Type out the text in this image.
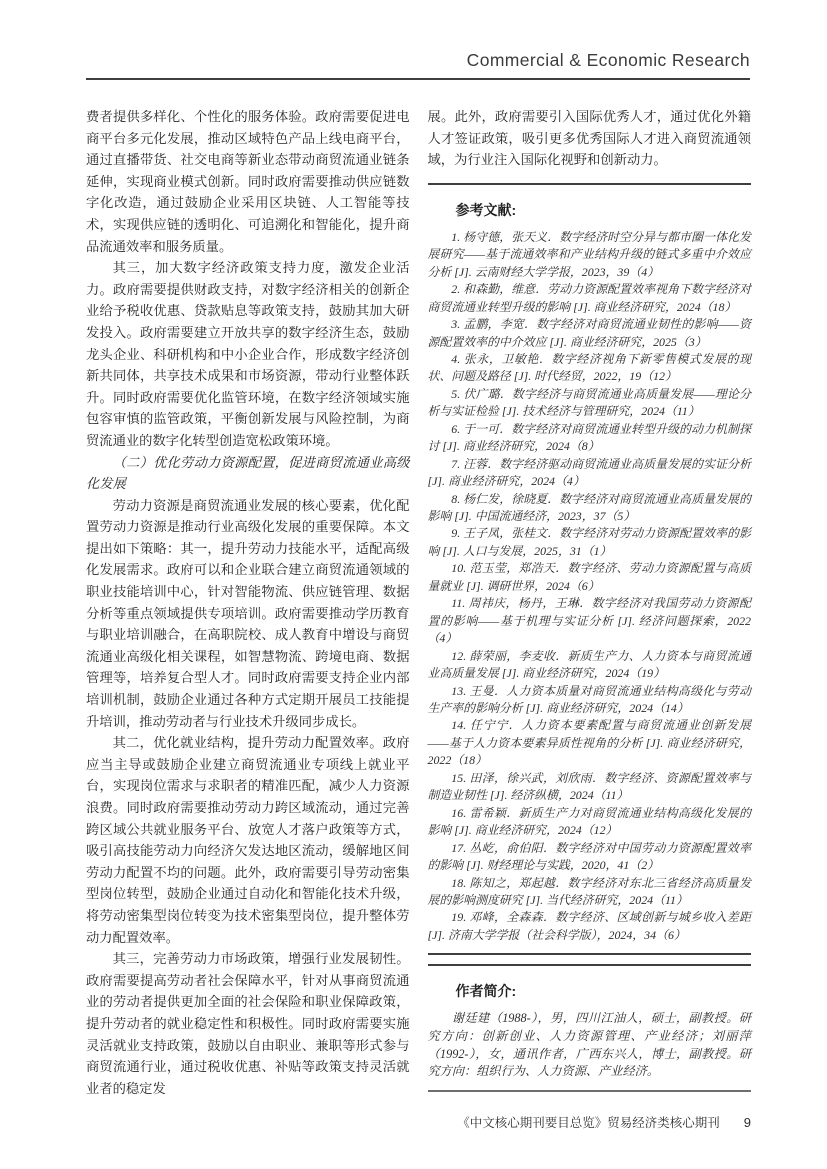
Commercial & Economic Research

费者提供多样化、个性化的服务体验。政府需要促进电商平台多元化发展，推动区域特色产品上线电商平台，通过直播带货、社交电商等新业态带动商贸流通业链条延伸，实现商业模式创新。同时政府需要推动供应链数字化改造，通过鼓励企业采用区块链、人工智能等技术，实现供应链的透明化、可追溯化和智能化，提升商品流通效率和服务质量。

其三，加大数字经济政策支持力度，激发企业活力。政府需要提供财政支持，对数字经济相关的创新企业给予税收优惠、贷款贴息等政策支持，鼓励其加大研发投入。政府需要建立开放共享的数字经济生态，鼓励龙头企业、科研机构和中小企业合作，形成数字经济创新共同体，共享技术成果和市场资源，带动行业整体跃升。同时政府需要优化监管环境，在数字经济领域实施包容审慎的监管政策，平衡创新发展与风险控制，为商贸流通业的数字化转型创造宽松政策环境。

（二）优化劳动力资源配置，促进商贸流通业高级化发展

劳动力资源是商贸流通业发展的核心要素，优化配置劳动力资源是推动行业高级化发展的重要保障。本文提出如下策略：其一，提升劳动力技能水平，适配高级化发展需求。政府可以和企业联合建立商贸流通领域的职业技能培训中心，针对智能物流、供应链管理、数据分析等重点领域提供专项培训。政府需要推动学历教育与职业培训融合，在高职院校、成人教育中增设与商贸流通业高级化相关课程，如智慧物流、跨境电商、数据管理等，培养复合型人才。同时政府需要支持企业内部培训机制，鼓励企业通过各种方式定期开展员工技能提升培训，推动劳动者与行业技术升级同步成长。

其二，优化就业结构，提升劳动力配置效率。政府应当主导或鼓励企业建立商贸流通业专项线上就业平台，实现岗位需求与求职者的精准匹配，减少人力资源浪费。同时政府需要推动劳动力跨区域流动，通过完善跨区域公共就业服务平台、放宽人才落户政策等方式，吸引高技能劳动力向经济欠发达地区流动，缓解地区间劳动力配置不均的问题。此外，政府需要引导劳动密集型岗位转型，鼓励企业通过自动化和智能化技术升级，将劳动密集型岗位转变为技术密集型岗位，提升整体劳动力配置效率。

其三，完善劳动力市场政策，增强行业发展韧性。政府需要提高劳动者社会保障水平，针对从事商贸流通业的劳动者提供更加全面的社会保险和职业保障政策，提升劳动者的就业稳定性和积极性。同时政府需要实施灵活就业支持政策，鼓励以自由职业、兼职等形式参与商贸流通行业，通过税收优惠、补贴等政策支持灵活就业者的稳定发

展。此外，政府需要引入国际优秀人才，通过优化外籍人才签证政策，吸引更多优秀国际人才进入商贸流通领域，为行业注入国际化视野和创新动力。

参考文献:

1. 杨守德，张天义．数字经济时空分异与都市圈一体化发展研究——基于流通效率和产业结构升级的链式多重中介效应分析 [J]. 云南财经大学学报，2023，39（4）

2. 和森勤，维意．劳动力资源配置效率视角下数字经济对商贸流通业转型升级的影响 [J]. 商业经济研究，2024（18）

3. 孟鹏，李宽．数字经济对商贸流通业韧性的影响——资源配置效率的中介效应 [J]. 商业经济研究，2025（3）

4. 张永，卫敏艳．数字经济视角下新零售模式发展的现状、问题及路径 [J]. 时代经贸，2022，19（12）

5. 伏广璐．数字经济与商贸流通业高质量发展——理论分析与实证检验 [J]. 技术经济与管理研究，2024（11）

6. 于一可．数字经济对商贸流通业转型升级的动力机制探讨 [J]. 商业经济研究，2024（8）

7. 汪蓉．数字经济驱动商贸流通业高质量发展的实证分析 [J]. 商业经济研究，2024（4）

8. 杨仁发，徐晓夏．数字经济对商贸流通业高质量发展的影响 [J]. 中国流通经济，2023，37（5）

9. 王子凤，张桂文．数字经济对劳动力资源配置效率的影响 [J]. 人口与发展，2025，31（1）

10. 范玉莹，郑浩天．数字经济、劳动力资源配置与高质量就业 [J]. 调研世界，2024（6）

11. 周祎庆，杨丹，王琳．数字经济对我国劳动力资源配置的影响——基于机理与实证分析 [J]. 经济问题探索，2022（4）

12. 薛荣丽，李麦收．新质生产力、人力资本与商贸流通业高质量发展 [J]. 商业经济研究，2024（19）

13. 王曼．人力资本质量对商贸流通业结构高级化与劳动生产率的影响分析 [J]. 商业经济研究，2024（14）

14. 任宁宁．人力资本要素配置与商贸流通业创新发展——基于人力资本要素异质性视角的分析 [J]. 商业经济研究，2022（18）

15. 田泽，徐兴武，刘欣雨．数字经济、资源配置效率与制造业韧性 [J]. 经济纵横，2024（11）

16. 雷希颖．新质生产力对商贸流通业结构高级化发展的影响 [J]. 商业经济研究，2024（12）

17. 丛屹，俞伯阳．数字经济对中国劳动力资源配置效率的影响 [J]. 财经理论与实践，2020，41（2）

18. 陈知之，郑起越．数字经济对东北三省经济高质量发展的影响测度研究 [J]. 当代经济研究，2024（11）

19. 邓峰，全森森．数字经济、区域创新与城乡收入差距 [J]. 济南大学学报（社会科学版），2024，34（6）

作者简介:

谢廷建（1988-），男，四川江油人，硕士，副教授。研究方向：创新创业、人力资源管理、产业经济；刘丽萍（1992-），女，通讯作者，广西东兴人，博士，副教授。研究方向：组织行为、人力资源、产业经济。

《中文核心期刊要目总览》贸易经济类核心期刊 9
